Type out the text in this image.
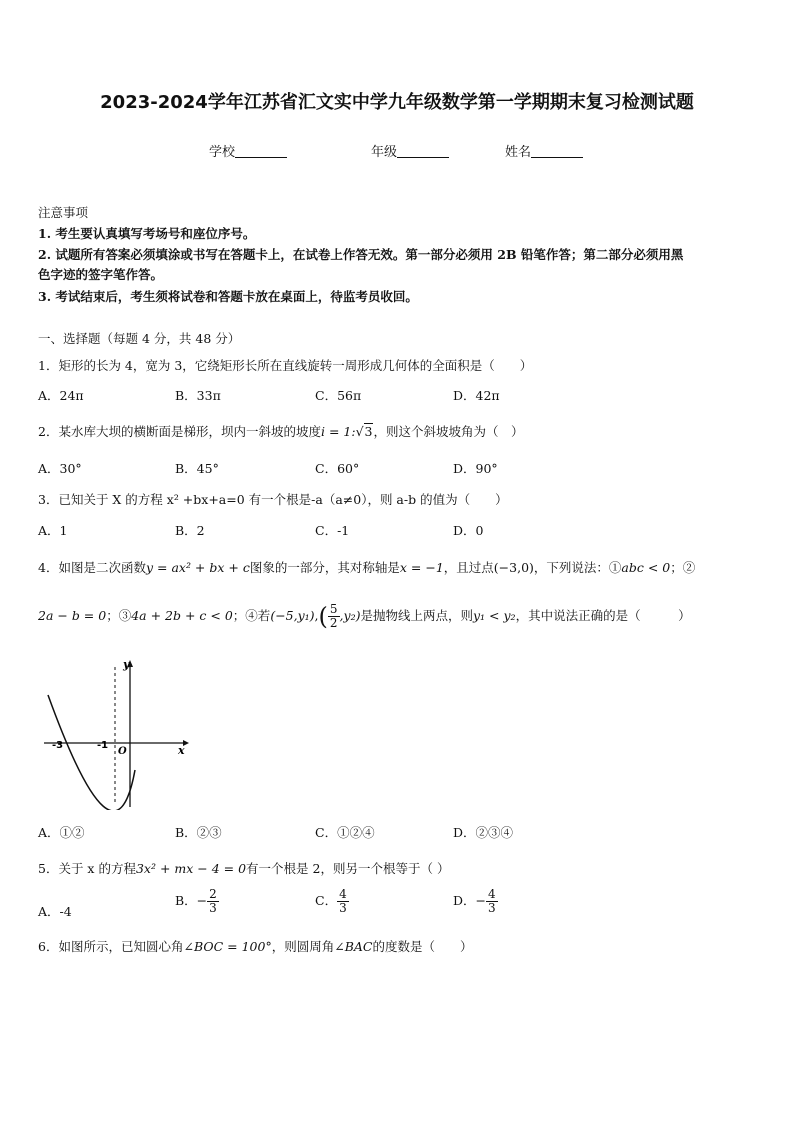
2023-2024学年江苏省汇文实中学九年级数学第一学期期末复习检测试题
学校	年级	姓名
注意事项
1. 考生要认真填写考场号和座位序号。
2. 试题所有答案必须填涂或书写在答题卡上，在试卷上作答无效。第一部分必须用 2B 铅笔作答；第二部分必须用黑
色字迹的签字笔作答。
3. 考试结束后，考生须将试卷和答题卡放在桌面上，待监考员收回。
一、选择题（每题 4 分，共 48 分）
1．矩形的长为 4，宽为 3，它绕矩形长所在直线旋转一周形成几何体的全面积是（　　）
A．24π	B．33π	C．56π	D．42π
2．某水库大坝的横断面是梯形，坝内一斜坡的坡度i = 1:√3，则这个斜坡坡角为（　）
A．30°	B．45°	C．60°	D．90°
3．已知关于 X 的方程 x² +bx+a=0 有一个根是-a（a≠0），则 a-b 的值为（　　）
A．1	B．2	C．-1	D．0
4．如图是二次函数y = ax² + bx + c图象的一部分，其对称轴是x = −1，且过点(−3,0)，下列说法：①abc < 0；②
2a − b = 0；③4a + 2b + c < 0；④若$(-5,y_1),( \frac{5}{2} ,y_2)$是抛物线上两点，则y₁ < y₂，其中说法正确的是（　　　）
y
x
O
-3	-1
A．①②	B．②③	C．①②④	D．②③④
5．关于 x 的方程3x² + mx − 4 = 0有一个根是 2，则另一个根等于（ ）
A．-4
B．− $\frac{2}{3}$	C． $\frac{4}{3}$	D．− $\frac{4}{3}$
6．如图所示，已知圆心角∠BOC = 100°，则圆周角∠BAC的度数是（　　）
